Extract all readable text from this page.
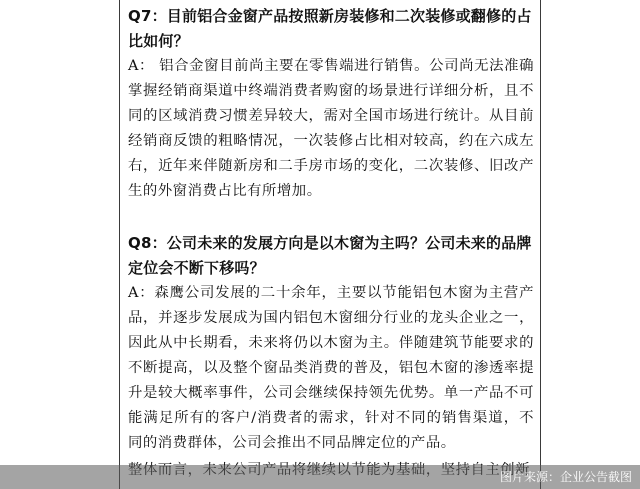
Q7：目前铝合金窗产品按照新房装修和二次装修或翻修的占比如何？

A： 铝合金窗目前尚主要在零售端进行销售。公司尚无法准确掌握经销商渠道中终端消费者购窗的场景进行详细分析，且不同的区域消费习惯差异较大，需对全国市场进行统计。从目前经销商反馈的粗略情况，一次装修占比相对较高，约在六成左右，近年来伴随新房和二手房市场的变化，二次装修、旧改产生的外窗消费占比有所增加。

Q8：公司未来的发展方向是以木窗为主吗？公司未来的品牌定位会不断下移吗？

A：森鹰公司发展的二十余年，主要以节能铝包木窗为主营产品，并逐步发展成为国内铝包木窗细分行业的龙头企业之一，因此从中长期看，未来将仍以木窗为主。伴随建筑节能要求的不断提高，以及整个窗品类消费的普及，铝包木窗的渗透率提升是较大概率事件，公司会继续保持领先优势。单一产品不可能满足所有的客户/消费者的需求，针对不同的销售渠道，不同的消费群体，公司会推出不同品牌定位的产品。

图片来源：企业公告截图
